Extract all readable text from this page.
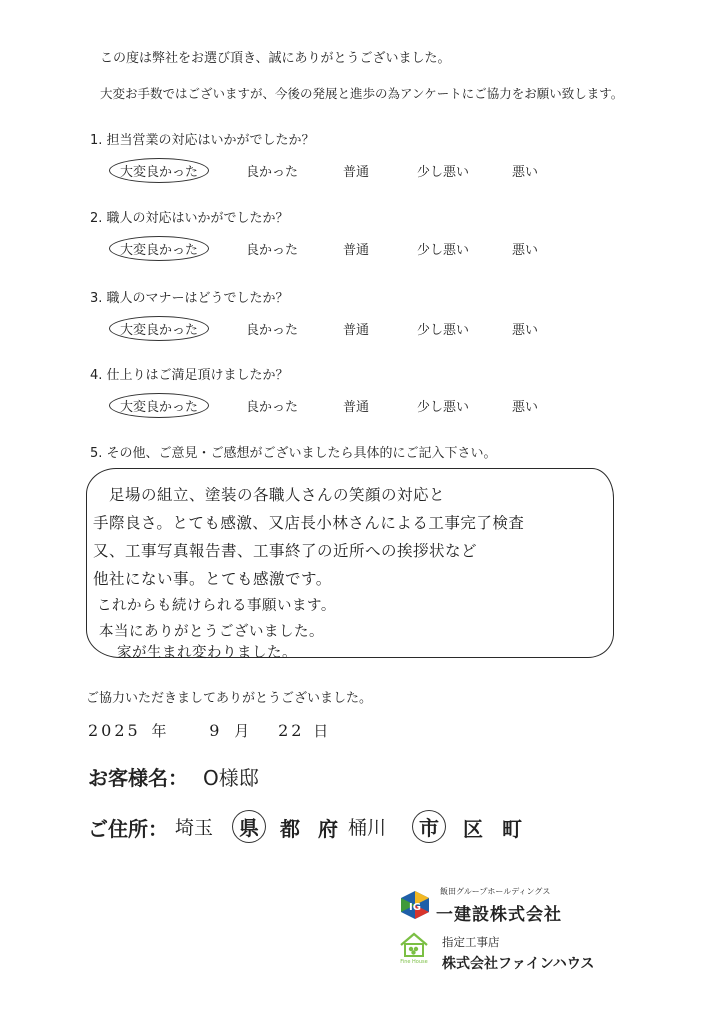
この度は弊社をお選び頂き、誠にありがとうございました。
大変お手数ではございますが、今後の発展と進歩の為アンケートにご協力をお願い致します。
1. 担当営業の対応はいかがでしたか？
大変良かった	良かった	普通	少し悪い	悪い
2. 職人の対応はいかがでしたか？
大変良かった	良かった	普通	少し悪い	悪い
3. 職人のマナーはどうでしたか？
大変良かった	良かった	普通	少し悪い	悪い
4. 仕上りはご満足頂けましたか？
大変良かった	良かった	普通	少し悪い	悪い
5. その他、ご意見・ご感想がございましたら具体的にご記入下さい。
足場の組立、塗装の各職人さんの笑顔の対応と
手際良さ。とても感激、又店長小林さんによる工事完了検査
又、工事写真報告書、工事終了の近所への挨拶状など
他社にない事。とても感激です。
これからも続けられる事願います。
本当にありがとうございました。
家が生まれ変わりました。
ご協力いただきましてありがとうございました。
2025 年	9 月 22 日
お客様名： O様邸
ご住所： 埼玉	県	都 府 桶川	市	区 町
IG
飯田グループホールディングス
一建設株式会社
Fine House
指定工事店
株式会社ファインハウス
